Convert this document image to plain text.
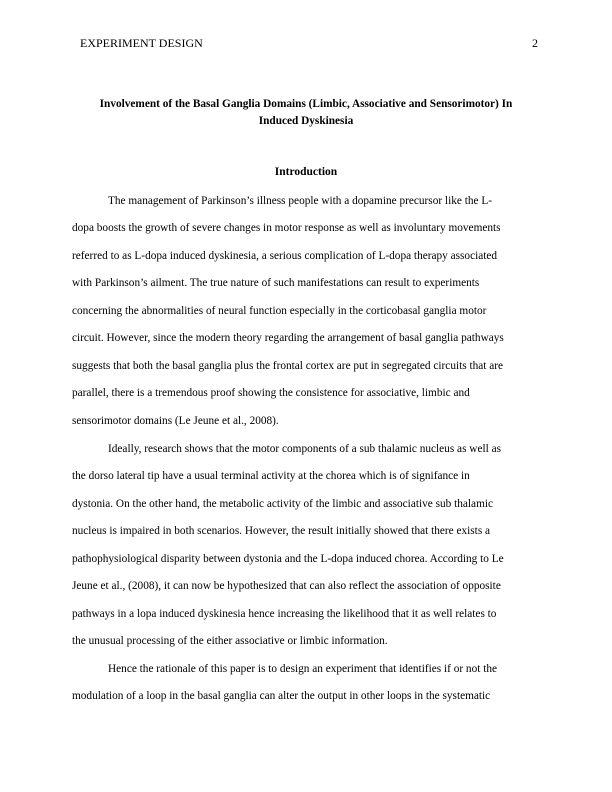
EXPERIMENT DESIGN	2
Involvement of the Basal Ganglia Domains (Limbic, Associative and Sensorimotor) In
Induced Dyskinesia
Introduction
The management of Parkinson’s illness people with a dopamine precursor like the L-
dopa boosts the growth of severe changes in motor response as well as involuntary movements
referred to as L-dopa induced dyskinesia, a serious complication of L-dopa therapy associated
with Parkinson’s ailment. The true nature of such manifestations can result to experiments
concerning the abnormalities of neural function especially in the corticobasal ganglia motor
circuit. However, since the modern theory regarding the arrangement of basal ganglia pathways
suggests that both the basal ganglia plus the frontal cortex are put in segregated circuits that are
parallel, there is a tremendous proof showing the consistence for associative, limbic and
sensorimotor domains (Le Jeune et al., 2008).
Ideally, research shows that the motor components of a sub thalamic nucleus as well as
the dorso lateral tip have a usual terminal activity at the chorea which is of signifance in
dystonia. On the other hand, the metabolic activity of the limbic and associative sub thalamic
nucleus is impaired in both scenarios. However, the result initially showed that there exists a
pathophysiological disparity between dystonia and the L-dopa induced chorea. According to Le
Jeune et al., (2008), it can now be hypothesized that can also reflect the association of opposite
pathways in a lopa induced dyskinesia hence increasing the likelihood that it as well relates to
the unusual processing of the either associative or limbic information.
Hence the rationale of this paper is to design an experiment that identifies if or not the
modulation of a loop in the basal ganglia can alter the output in other loops in the systematic
